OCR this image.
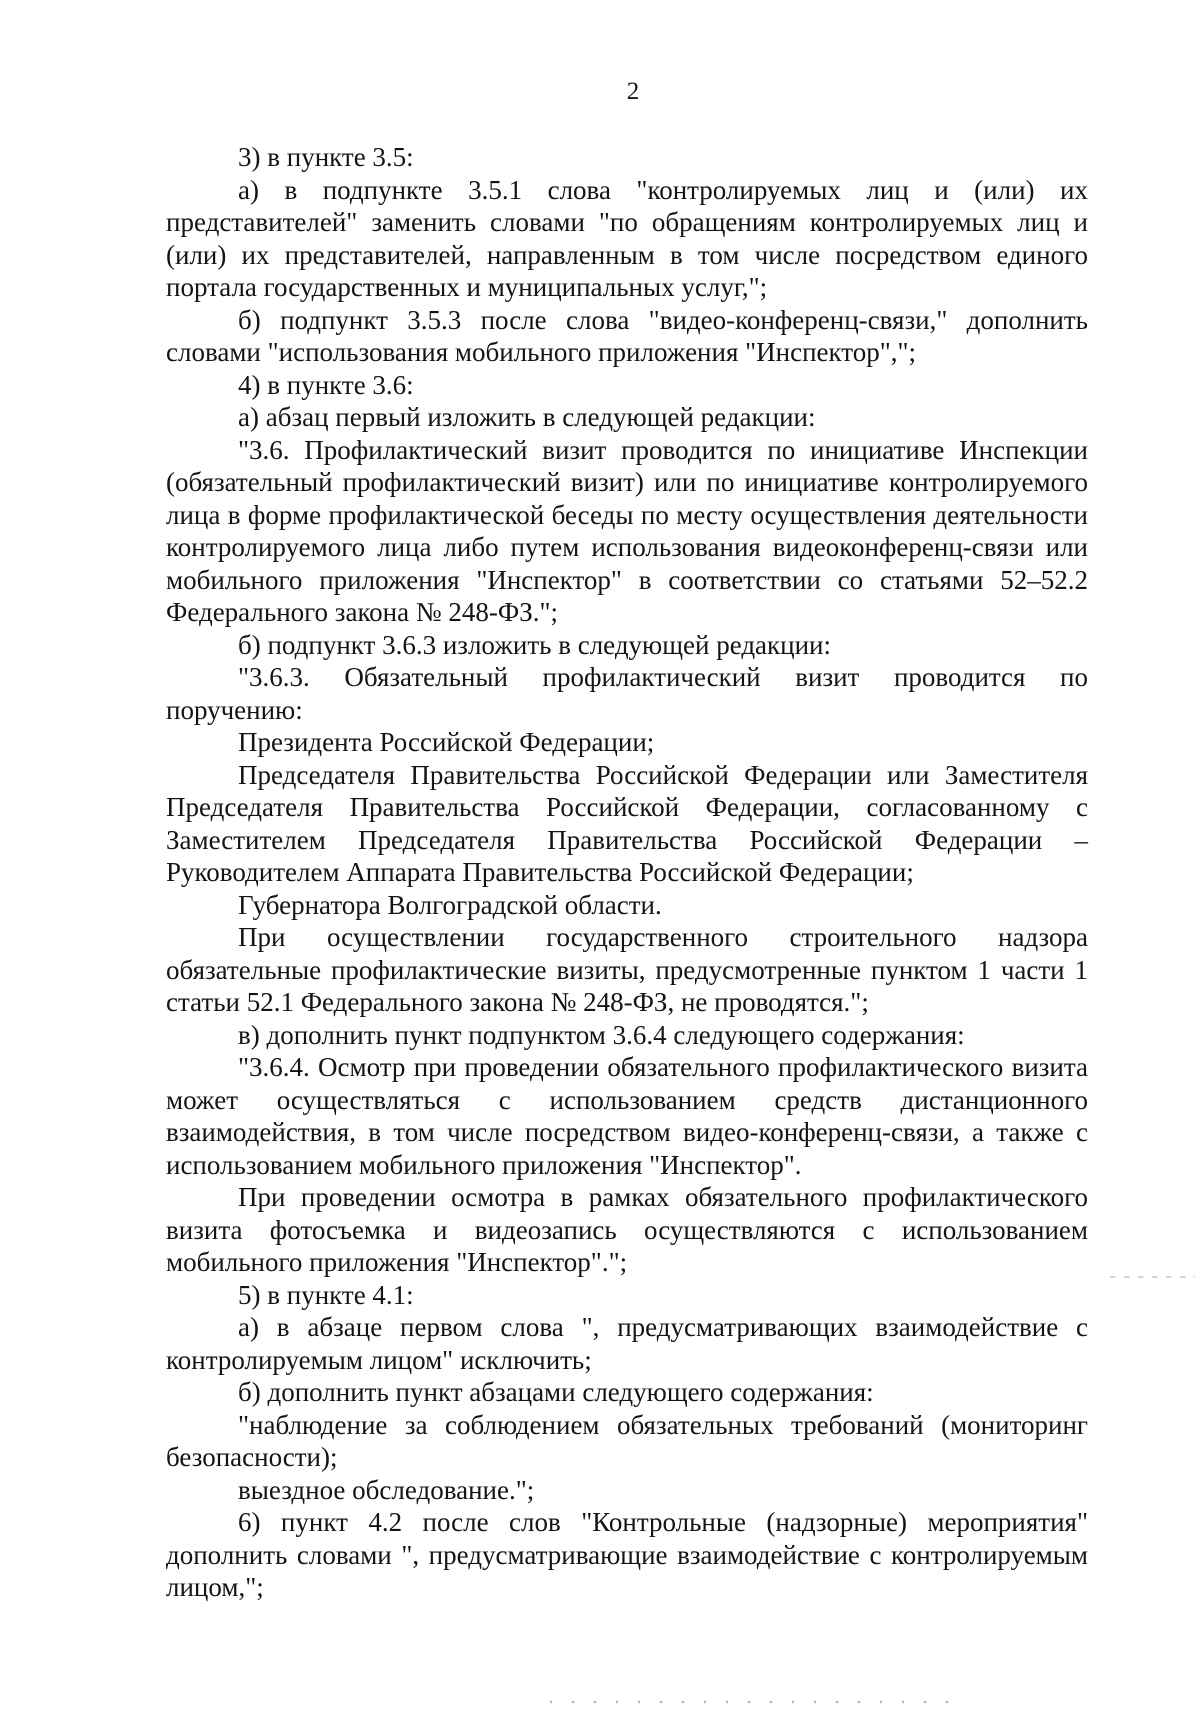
2

3) в пункте 3.5:

а) в подпункте 3.5.1 слова "контролируемых лиц и (или) их представителей" заменить словами "по обращениям контролируемых лиц и (или) их представителей, направленным в том числе посредством единого портала государственных и муниципальных услуг,";

б) подпункт 3.5.3 после слова "видео-конференц-связи," дополнить словами "использования мобильного приложения "Инспектор",";

4) в пункте 3.6:

а) абзац первый изложить в следующей редакции:

"3.6. Профилактический визит проводится по инициативе Инспекции (обязательный профилактический визит) или по инициативе контролируемого лица в форме профилактической беседы по месту осуществления деятельности контролируемого лица либо путем использования видеоконференц-связи или мобильного приложения "Инспектор" в соответствии со статьями 52–52.2 Федерального закона № 248-ФЗ.";

б) подпункт 3.6.3 изложить в следующей редакции:

"3.6.3. Обязательный профилактический визит проводится по поручению:

Президента Российской Федерации;

Председателя Правительства Российской Федерации или Заместителя Председателя Правительства Российской Федерации, согласованному с Заместителем Председателя Правительства Российской Федерации – Руководителем Аппарата Правительства Российской Федерации;

Губернатора Волгоградской области.

При осуществлении государственного строительного надзора обязательные профилактические визиты, предусмотренные пунктом 1 части 1 статьи 52.1 Федерального закона № 248-ФЗ, не проводятся.";

в) дополнить пункт подпунктом 3.6.4 следующего содержания:

"3.6.4. Осмотр при проведении обязательного профилактического визита может осуществляться с использованием средств дистанционного взаимодействия, в том числе посредством видео-конференц-связи, а также с использованием мобильного приложения "Инспектор".

При проведении осмотра в рамках обязательного профилактического визита фотосъемка и видеозапись осуществляются с использованием мобильного приложения "Инспектор".";

5) в пункте 4.1:

а) в абзаце первом слова ", предусматривающих взаимодействие с контролируемым лицом" исключить;

б) дополнить пункт абзацами следующего содержания:

"наблюдение за соблюдением обязательных требований (мониторинг безопасности);

выездное обследование.";

6) пункт 4.2 после слов "Контрольные (надзорные) мероприятия" дополнить словами ", предусматривающие взаимодействие с контролируемым лицом,";
